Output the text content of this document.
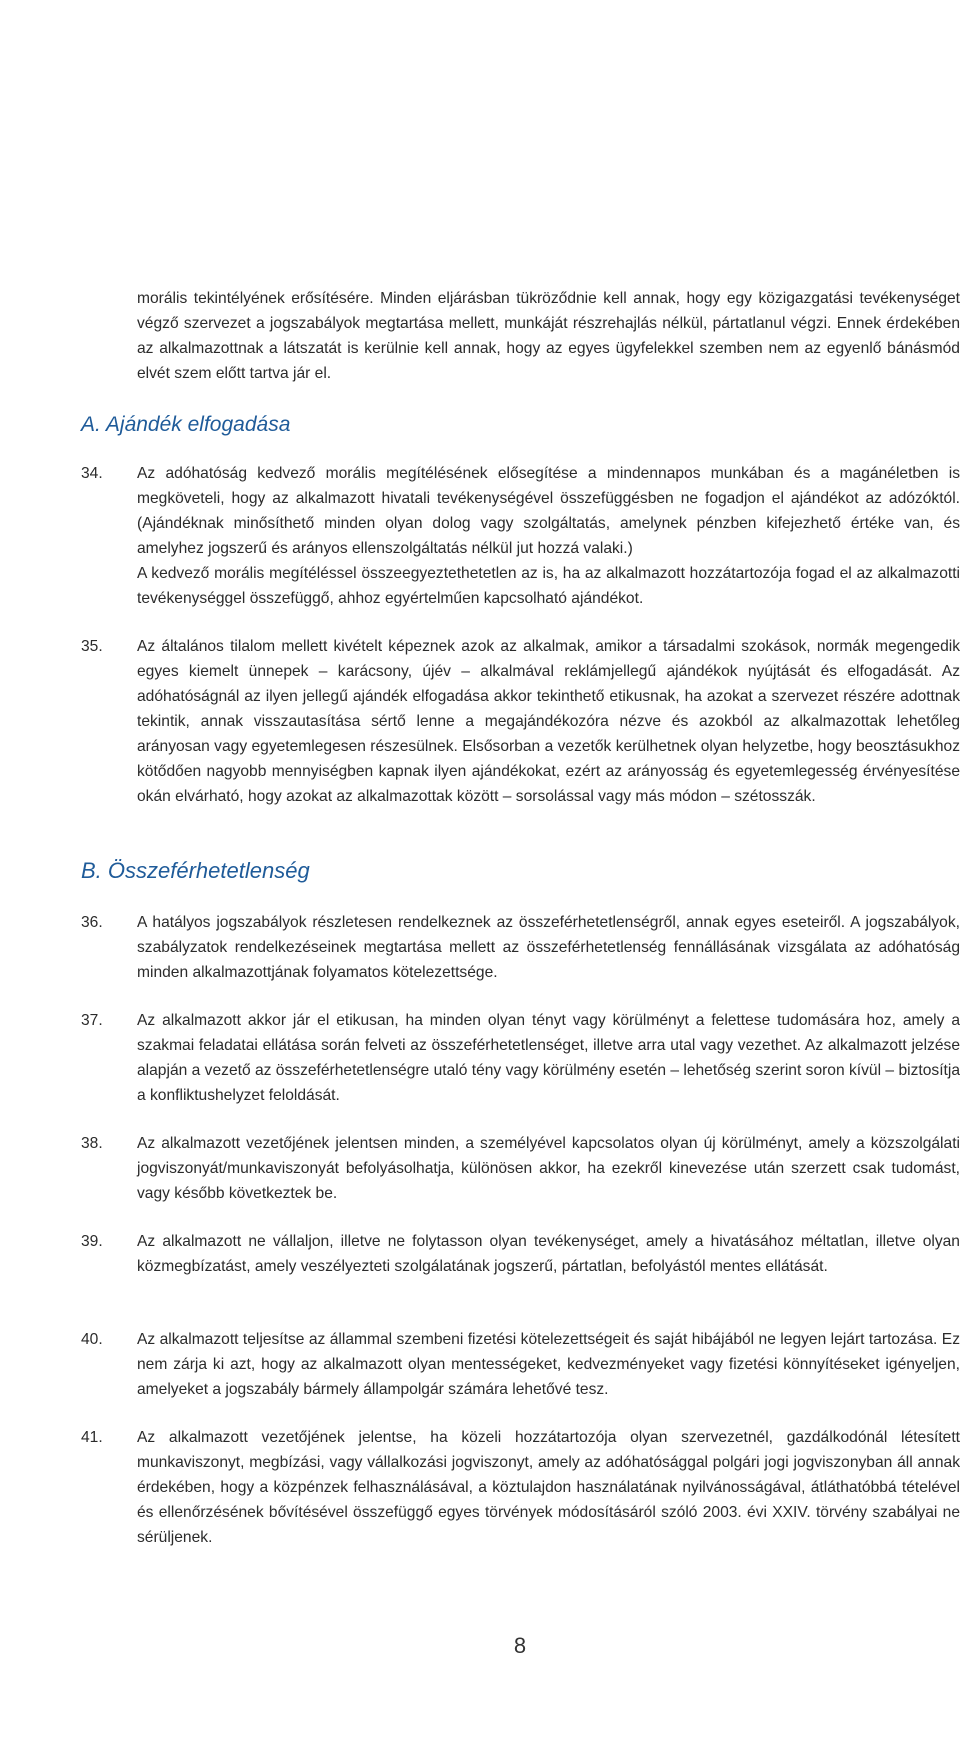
morális tekintélyének erősítésére. Minden eljárásban tükröződnie kell annak, hogy egy közigazgatási tevékenységet végző szervezet a jogszabályok megtartása mellett, munkáját részrehajlás nélkül, pártatlanul végzi. Ennek érdekében az alkalmazottnak a látszatát is kerülnie kell annak, hogy az egyes ügyfelekkel szemben nem az egyenlő bánásmód elvét szem előtt tartva jár el.
A. Ajándék elfogadása
34.	Az adóhatóság kedvező morális megítélésének elősegítése a mindennapos munkában és a magánéletben is megköveteli, hogy az alkalmazott hivatali tevékenységével összefüggésben ne fogadjon el ajándékot az adózóktól. (Ajándéknak minősíthető minden olyan dolog vagy szolgáltatás, amelynek pénzben kifejezhető értéke van, és amelyhez jogszerű és arányos ellenszolgáltatás nélkül jut hozzá valaki.)

A kedvező morális megítéléssel összeegyeztethetetlen az is, ha az alkalmazott hozzátartozója fogad el az alkalmazotti tevékenységgel összefüggő, ahhoz egyértelműen kapcsolható ajándékot.

35.	Az általános tilalom mellett kivételt képeznek azok az alkalmak, amikor a társadalmi szokások, normák megengedik egyes kiemelt ünnepek – karácsony, újév – alkalmával reklámjellegű ajándékok nyújtását és elfogadását. Az adóhatóságnál az ilyen jellegű ajándék elfogadása akkor tekinthető etikusnak, ha azokat a szervezet részére adottnak tekintik, annak visszautasítása sértő lenne a megajándékozóra nézve és azokból az alkalmazottak lehetőleg arányosan vagy egyetemlegesen részesülnek. Elsősorban a vezetők kerülhetnek olyan helyzetbe, hogy beosztásukhoz kötődően nagyobb mennyiségben kapnak ilyen ajándékokat, ezért az arányosság és egyetemlegesség érvényesítése okán elvárható, hogy azokat az alkalmazottak között – sorsolással vagy más módon – szétosszák.

B. Összeférhetetlenség
36.	A hatályos jogszabályok részletesen rendelkeznek az összeférhetetlenségről, annak egyes eseteiről. A jogszabályok, szabályzatok rendelkezéseinek megtartása mellett az összeférhetetlenség fennállásának vizsgálata az adóhatóság minden alkalmazottjának folyamatos kötelezettsége.

37.	Az alkalmazott akkor jár el etikusan, ha minden olyan tényt vagy körülményt a felettese tudomására hoz, amely a szakmai feladatai ellátása során felveti az összeférhetetlenséget, illetve arra utal vagy vezethet. Az alkalmazott jelzése alapján a vezető az összeférhetetlenségre utaló tény vagy körülmény esetén – lehetőség szerint soron kívül – biztosítja a konfliktushelyzet feloldását.

38.	Az alkalmazott vezetőjének jelentsen minden, a személyével kapcsolatos olyan új körülményt, amely a közszolgálati jogviszonyát/munkaviszonyát befolyásolhatja, különösen akkor, ha ezekről kinevezése után szerzett csak tudomást, vagy később következtek be.

39.	Az alkalmazott ne vállaljon, illetve ne folytasson olyan tevékenységet, amely a hivatásához méltatlan, illetve olyan közmegbízatást, amely veszélyezteti szolgálatának jogszerű, pártatlan, befolyástól mentes ellátását.

40.	Az alkalmazott teljesítse az állammal szembeni fizetési kötelezettségeit és saját hibájából ne legyen lejárt tartozása. Ez nem zárja ki azt, hogy az alkalmazott olyan mentességeket, kedvezményeket vagy fizetési könnyítéseket igényeljen, amelyeket a jogszabály bármely állampolgár számára lehetővé tesz.

41.	Az alkalmazott vezetőjének jelentse, ha közeli hozzátartozója olyan szervezetnél, gazdálkodónál létesített munkaviszonyt, megbízási, vagy vállalkozási jogviszonyt, amely az adóhatósággal polgári jogi jogviszonyban áll annak érdekében, hogy a közpénzek felhasználásával, a köztulajdon használatának nyilvánosságával, átláthatóbbá tételével és ellenőrzésének bővítésével összefüggő egyes törvények módosításáról szóló 2003. évi XXIV. törvény szabályai ne sérüljenek.

8
